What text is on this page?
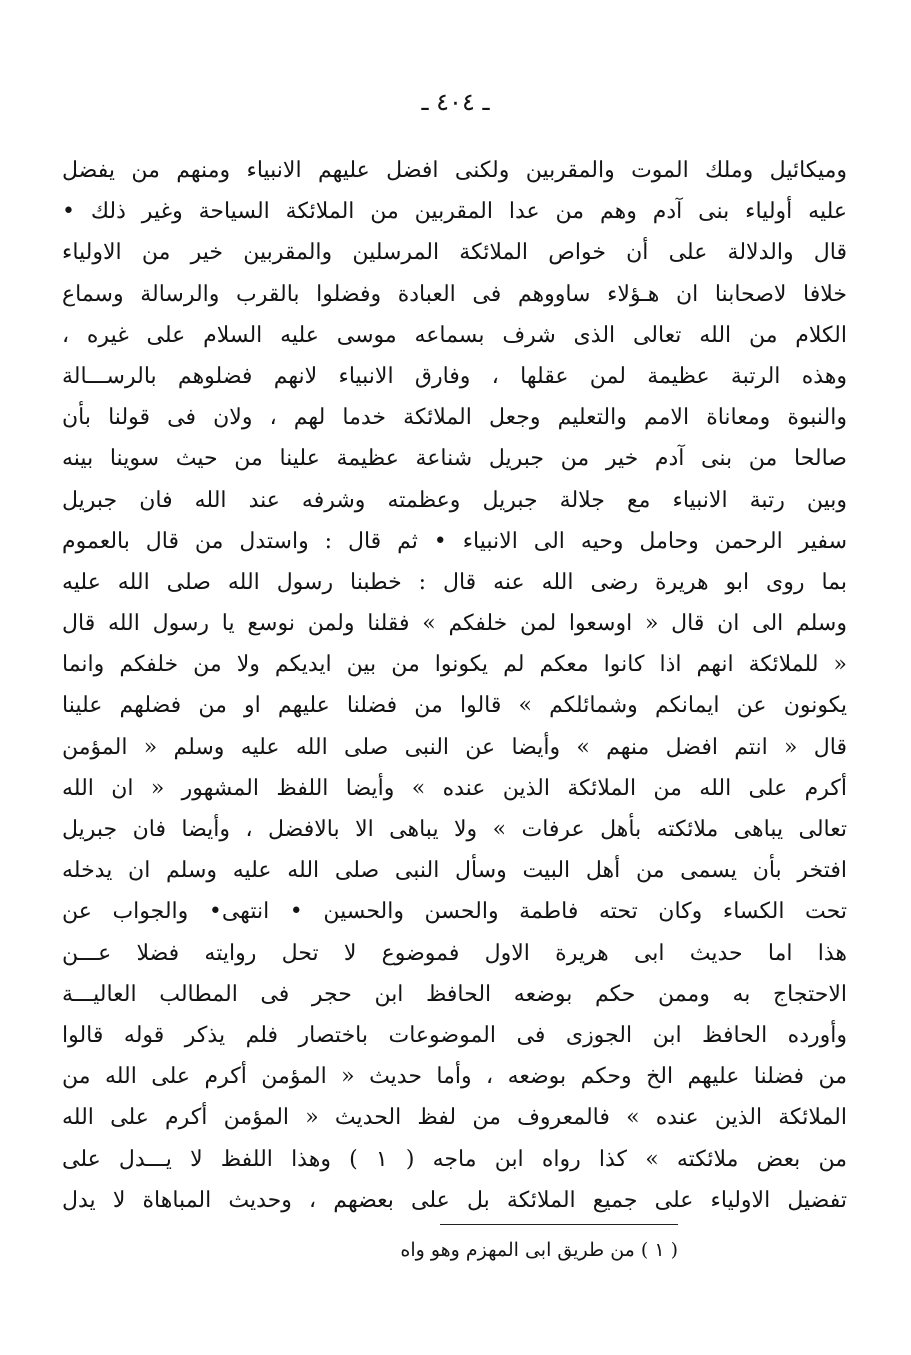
ـ ٤٠٤ ـ
وميكائيل وملك الموت والمقربين ولكنى افضل عليهم الانبياء ومنهم من يفضل
عليه أولياء بنى آدم وهم من عدا المقربين من الملائكة السياحة وغير ذلك •
قال والدلالة على أن خواص الملائكة المرسلين والمقربين خير من الاولياء
خلافا لاصحابنا ان هـؤلاء ساووهم فى العبادة وفضلوا بالقرب والرسالة وسماع
الكلام من الله تعالى الذى شرف بسماعه موسى عليه السلام على غيره ،
وهذه الرتبة عظيمة لمن عقلها ، وفارق الانبياء لانهم فضلوهم بالرســـالة
والنبوة ومعاناة الامم والتعليم وجعل الملائكة خدما لهم ، ولان فى قولنا بأن
صالحا من بنى آدم خير من جبريل شناعة عظيمة علينا من حيث سوينا بينه
وبين رتبة الانبياء مع جلالة جبريل وعظمته وشرفه عند الله فان جبريل
سفير الرحمن وحامل وحيه الى الانبياء • ثم قال : واستدل من قال بالعموم
بما روى ابو هريرة رضى الله عنه قال : خطبنا رسول الله صلى الله عليه
وسلم الى ان قال « اوسعوا لمن خلفكم » فقلنا ولمن نوسع يا رسول الله قال
« للملائكة انهم اذا كانوا معكم لم يكونوا من بين ايديكم ولا من خلفكم وانما
يكونون عن ايمانكم وشمائلكم » قالوا من فضلنا عليهم او من فضلهم علينا
قال « انتم افضل منهم » وأيضا عن النبى صلى الله عليه وسلم « المؤمن
أكرم على الله من الملائكة الذين عنده » وأيضا اللفظ المشهور « ان الله
تعالى يباهى ملائكته بأهل عرفات » ولا يباهى الا بالافضل ، وأيضا فان جبريل
افتخر بأن يسمى من أهل البيت وسأل النبى صلى الله عليه وسلم ان يدخله
تحت الكساء وكان تحته فاطمة والحسن والحسين • انتهى• والجواب عن
هذا اما حديث ابى هريرة الاول فموضوع لا تحل روايته فضلا عـــن
الاحتجاج به وممن حكم بوضعه الحافظ ابن حجر فى المطالب العاليـــة
وأورده الحافظ ابن الجوزى فى الموضوعات باختصار فلم يذكر قوله قالوا
من فضلنا عليهم الخ وحكم بوضعه ، وأما حديث « المؤمن أكرم على الله من
الملائكة الذين عنده » فالمعروف من لفظ الحديث « المؤمن أكرم على الله
من بعض ملائكته » كذا رواه ابن ماجه ( ١ ) وهذا اللفظ لا يـــدل على
تفضيل الاولياء على جميع الملائكة بل على بعضهم ، وحديث المباهاة لا يدل
( ١ ) من طريق ابى المهزم وهو واه
